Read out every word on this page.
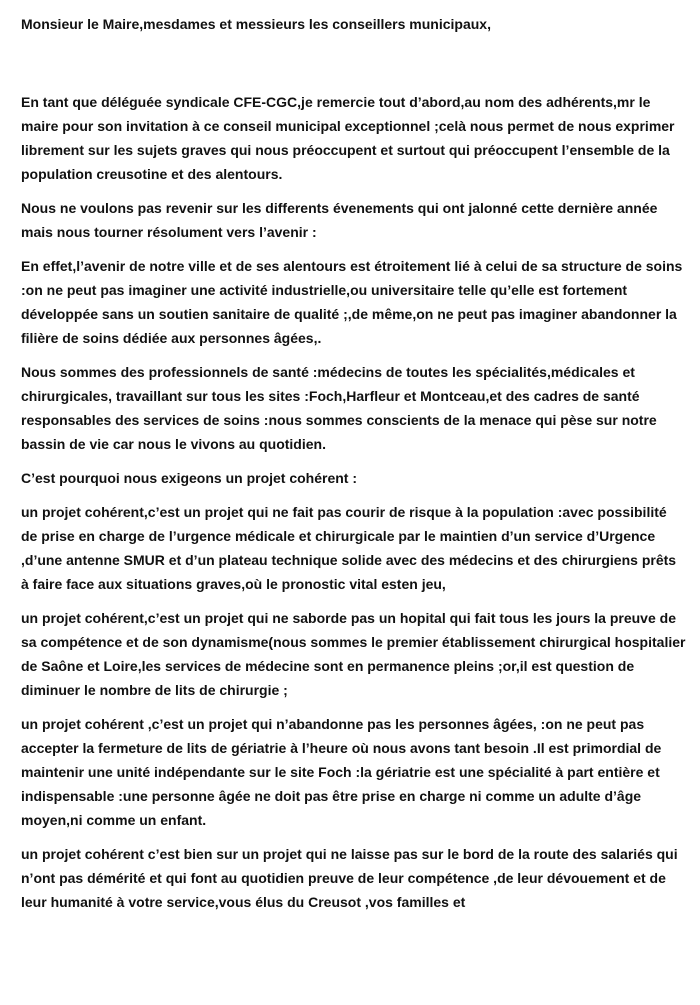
Monsieur le Maire,mesdames et messieurs les conseillers municipaux,

En tant que déléguée syndicale CFE-CGC,je remercie tout d’abord,au nom des adhérents,mr le maire pour son invitation à ce conseil municipal exceptionnel ;celà nous permet de nous exprimer librement sur les sujets graves qui nous préoccupent et surtout qui préoccupent l’ensemble de la population creusotine et des alentours.

Nous ne voulons pas revenir sur les differents évenements qui ont jalonné cette dernière année mais nous tourner résolument vers l’avenir :

En effet,l’avenir de notre ville et de ses alentours est étroitement lié à celui de sa structure de soins :on ne peut pas imaginer une activité industrielle,ou universitaire telle qu’elle est fortement développée sans un soutien sanitaire de qualité ;,de même,on ne peut pas imaginer abandonner la filière de soins dédiée aux personnes âgées,.

Nous sommes des professionnels de santé :médecins de toutes les spécialités,médicales et chirurgicales, travaillant sur tous les sites :Foch,Harfleur et Montceau,et des cadres de santé responsables des services de soins :nous sommes conscients de la menace qui pèse sur notre bassin de vie car nous le vivons au quotidien.

C’est pourquoi nous exigeons un projet cohérent :

un projet cohérent,c’est un projet qui ne fait pas courir de risque à la population :avec possibilité de prise en charge de l’urgence médicale et chirurgicale par le maintien d’un service d’Urgence ,d’une antenne SMUR et d’un plateau technique solide avec des médecins et des chirurgiens prêts à faire face aux situations graves,où le pronostic vital esten jeu,

un projet cohérent,c’est un projet qui ne saborde pas un hopital qui fait tous les jours la preuve de sa compétence et de son dynamisme(nous sommes le premier établissement chirurgical hospitalier de Saône et Loire,les services de médecine sont en permanence pleins ;or,il est question de diminuer le nombre de lits de chirurgie ;

un projet cohérent ,c’est un projet qui n’abandonne pas les personnes âgées, :on ne peut pas accepter la fermeture de lits de gériatrie à l’heure où nous avons tant besoin .Il est primordial de maintenir une unité indépendante sur le site Foch :la gériatrie est une spécialité à part entière et indispensable :une personne âgée ne doit pas être prise en charge ni comme un adulte d’âge moyen,ni comme un enfant.

un projet cohérent c’est bien sur un projet qui ne laisse pas sur le bord de la route des salariés qui n’ont pas démérité et qui font au quotidien preuve de leur compétence ,de leur dévouement et de leur humanité à votre service,vous élus du Creusot ,vos familles et
